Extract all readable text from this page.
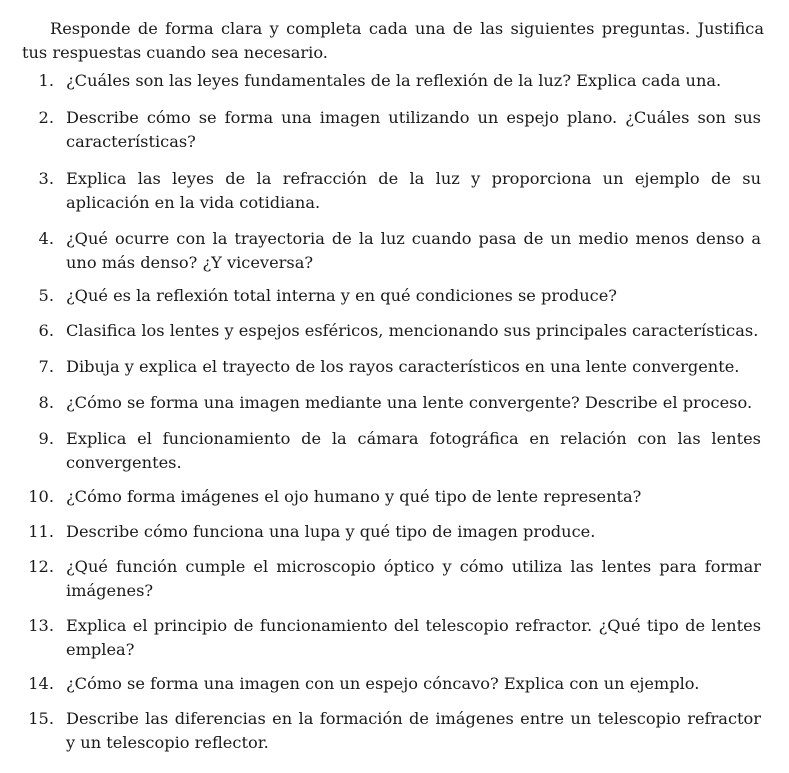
Responde de forma clara y completa cada una de las siguientes preguntas. Justifica tus respuestas cuando sea necesario.

1. ¿Cuáles son las leyes fundamentales de la reflexión de la luz? Explica cada una.

2. Describe cómo se forma una imagen utilizando un espejo plano. ¿Cuáles son sus características?

3. Explica las leyes de la refracción de la luz y proporciona un ejemplo de su aplicación en la vida cotidiana.

4. ¿Qué ocurre con la trayectoria de la luz cuando pasa de un medio menos denso a uno más denso? ¿Y viceversa?

5. ¿Qué es la reflexión total interna y en qué condiciones se produce?

6. Clasifica los lentes y espejos esféricos, mencionando sus principales características.

7. Dibuja y explica el trayecto de los rayos característicos en una lente convergente.

8. ¿Cómo se forma una imagen mediante una lente convergente? Describe el proceso.

9. Explica el funcionamiento de la cámara fotográfica en relación con las lentes convergentes.

10. ¿Cómo forma imágenes el ojo humano y qué tipo de lente representa?

11. Describe cómo funciona una lupa y qué tipo de imagen produce.

12. ¿Qué función cumple el microscopio óptico y cómo utiliza las lentes para formar imágenes?

13. Explica el principio de funcionamiento del telescopio refractor. ¿Qué tipo de lentes emplea?

14. ¿Cómo se forma una imagen con un espejo cóncavo? Explica con un ejemplo.

15. Describe las diferencias en la formación de imágenes entre un telescopio refractor y un telescopio reflector.
